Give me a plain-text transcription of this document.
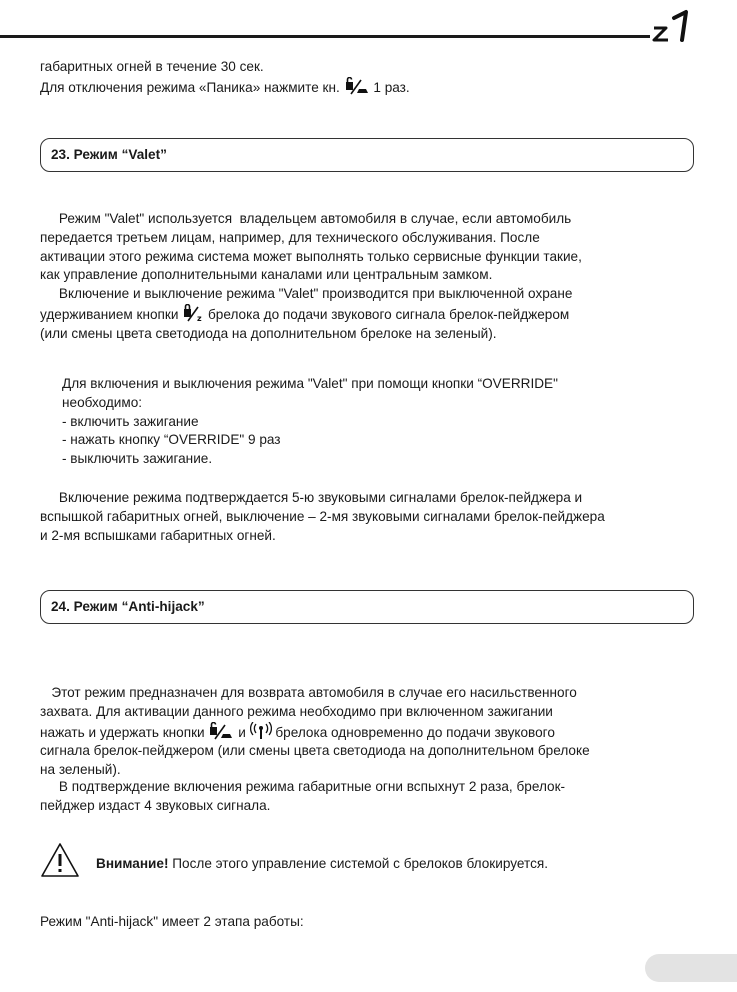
габаритных огней в течение 30 сек.

Для отключения режима «Паника» нажмите кн. 1 раз.

23. Режим “Valet”

Режим "Valet" используется  владельцем автомобиля в случае, если автомобиль
передается третьем лицам, например, для технического обслуживания. После
активации этого режима система может выполнять только сервисные функции такие,
как управление дополнительными каналами или центральным замком.

Включение и выключение режима "Valet" производится при выключенной охране
удерживанием кнопки z брелока до подачи звукового сигнала брелок-пейджером
(или смены цвета светодиода на дополнительном брелоке на зеленый).

Для включения и выключения режима "Valet" при помощи кнопки “OVERRIDE"
необходимо:
- включить зажигание
- нажать кнопку “OVERRIDE" 9 раз
- выключить зажигание.

Включение режима подтверждается 5-ю звуковыми сигналами брелок-пейджера и
вспышкой габаритных огней, выключение – 2-мя звуковыми сигналами брелок-пейджера
и 2-мя вспышками габаритных огней.

24. Режим “Anti-hijack”

Этот режим предназначен для возврата автомобиля в случае его насильственного
захвата. Для активации данного режима необходимо при включенном зажигании
нажать и удержать кнопки и брелока одновременно до подачи звукового
сигнала брелок-пейджером (или смены цвета светодиода на дополнительном брелоке
на зеленый).

В подтверждение включения режима габаритные огни вспыхнут 2 раза, брелок-
пейджер издаст 4 звуковых сигнала.

Внимание! После этого управление системой с брелоков блокируется.

Режим "Anti-hijack" имеет 2 этапа работы:
